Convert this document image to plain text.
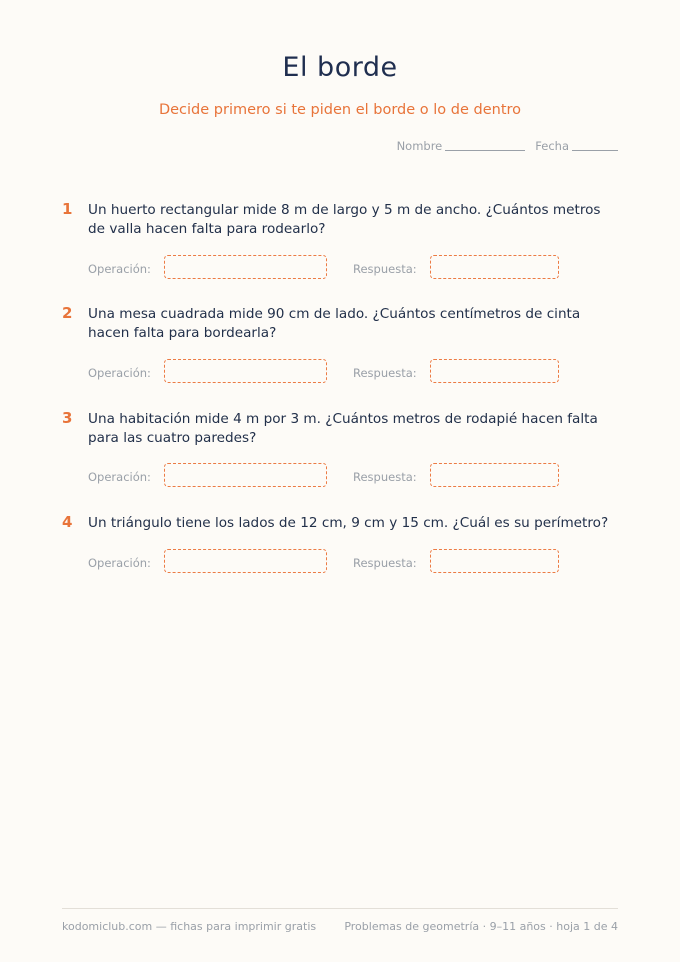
El borde
Decide primero si te piden el borde o lo de dentro
Nombre	Fecha
1 Un huerto rectangular mide 8 m de largo y 5 m de ancho. ¿Cuántos metros de valla hacen falta para rodearlo?
Operación:	Respuesta:
2 Una mesa cuadrada mide 90 cm de lado. ¿Cuántos centímetros de cinta hacen falta para bordearla?
Operación:	Respuesta:
3 Una habitación mide 4 m por 3 m. ¿Cuántos metros de rodapié hacen falta para las cuatro paredes?
Operación:	Respuesta:
4 Un triángulo tiene los lados de 12 cm, 9 cm y 15 cm. ¿Cuál es su perímetro?
Operación:	Respuesta:
kodomiclub.com — fichas para imprimir gratis	Problemas de geometría · 9–11 años · hoja 1 de 4
